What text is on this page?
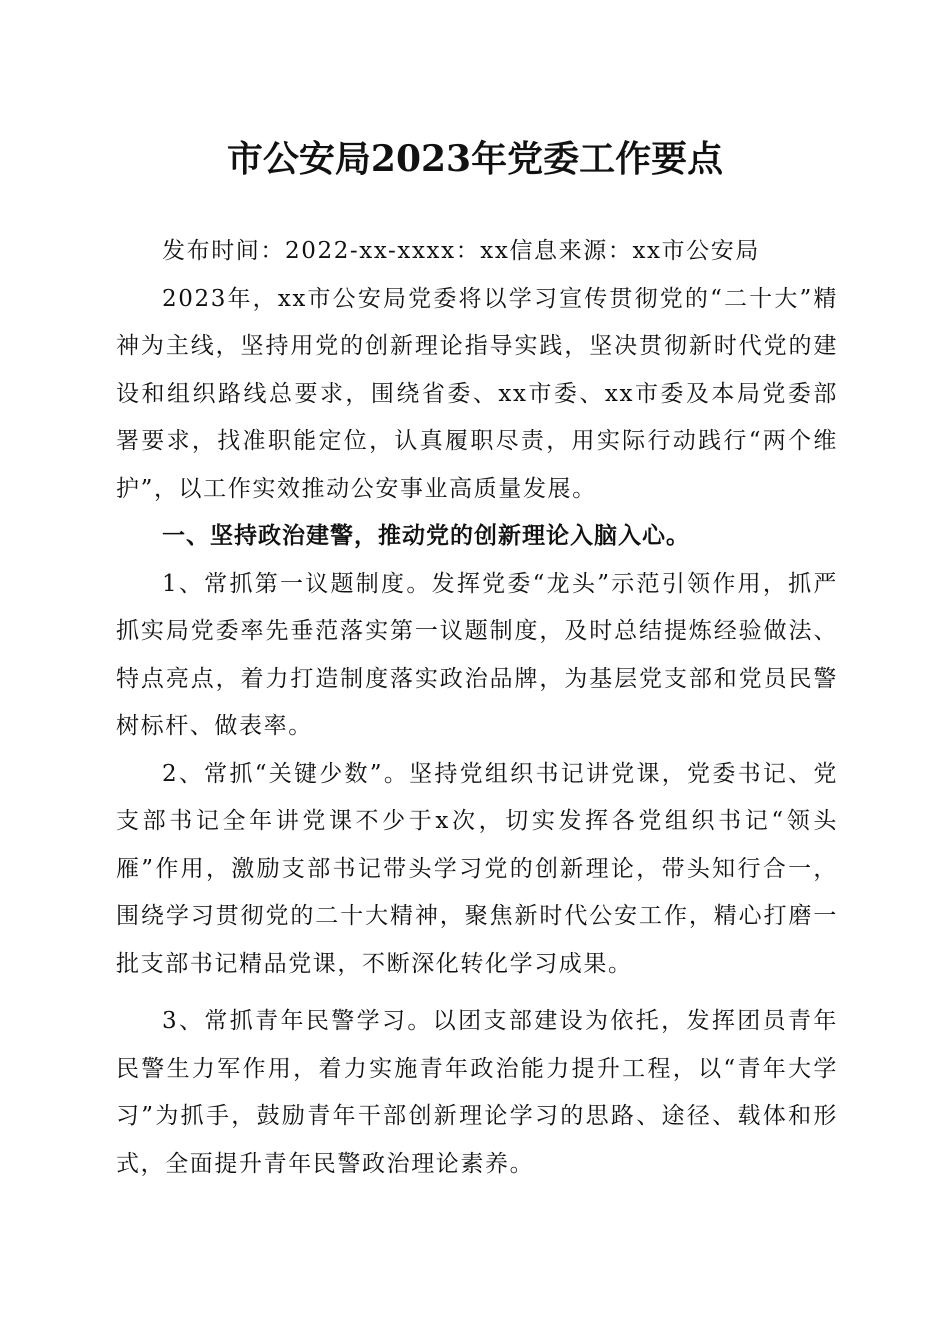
市公安局2023年党委工作要点

发布时间：2022-xx-xxxx：xx信息来源：xx市公安局

2023年，xx市公安局党委将以学习宣传贯彻党的“二十大”精神为主线，坚持用党的创新理论指导实践，坚决贯彻新时代党的建设和组织路线总要求，围绕省委、xx市委、xx市委及本局党委部署要求，找准职能定位，认真履职尽责，用实际行动践行“两个维护”，以工作实效推动公安事业高质量发展。

一、坚持政治建警，推动党的创新理论入脑入心。

1、常抓第一议题制度。发挥党委“龙头”示范引领作用，抓严抓实局党委率先垂范落实第一议题制度，及时总结提炼经验做法、特点亮点，着力打造制度落实政治品牌，为基层党支部和党员民警树标杆、做表率。

2、常抓“关键少数”。坚持党组织书记讲党课，党委书记、党支部书记全年讲党课不少于x次，切实发挥各党组织书记“领头雁”作用，激励支部书记带头学习党的创新理论，带头知行合一，围绕学习贯彻党的二十大精神，聚焦新时代公安工作，精心打磨一批支部书记精品党课，不断深化转化学习成果。

3、常抓青年民警学习。以团支部建设为依托，发挥团员青年民警生力军作用，着力实施青年政治能力提升工程，以“青年大学习”为抓手，鼓励青年干部创新理论学习的思路、途径、载体和形式，全面提升青年民警政治理论素养。
